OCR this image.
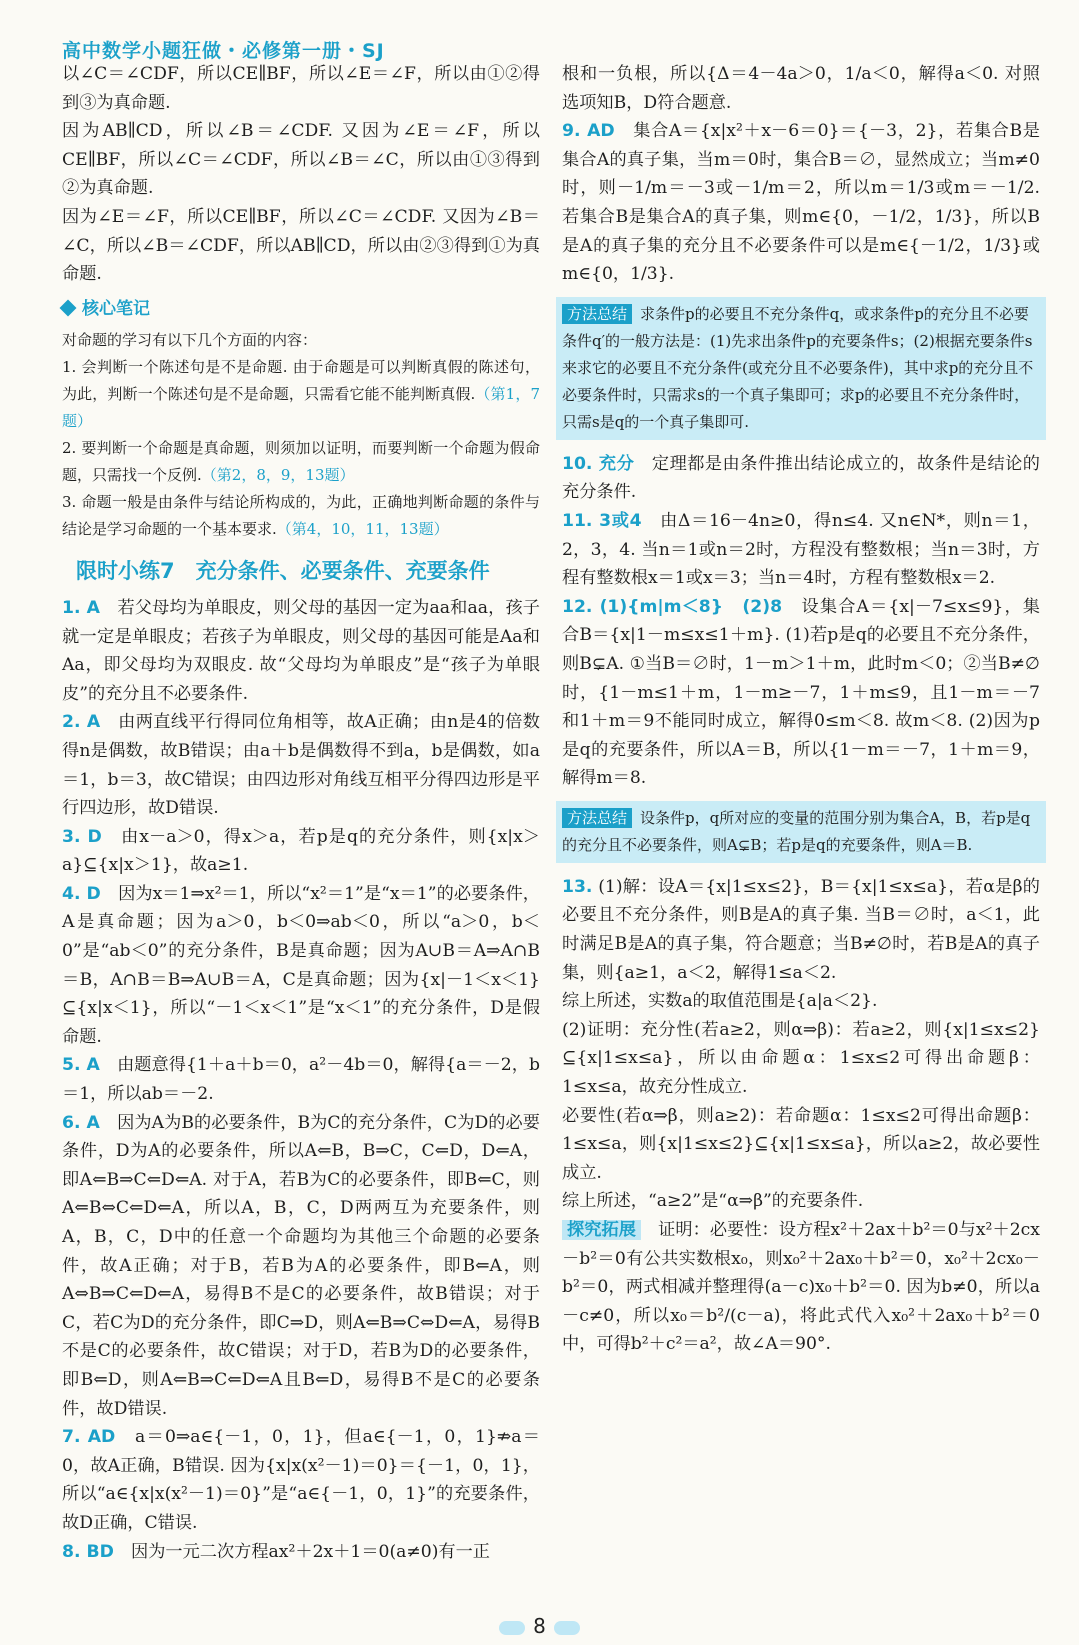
高中数学小题狂做・必修第一册・SJ

以∠C＝∠CDF，所以CE∥BF，所以∠E＝∠F，所以由①②得到③为真命题.

因为AB∥CD，所以∠B＝∠CDF. 又因为∠E＝∠F，所以CE∥BF，所以∠C＝∠CDF，所以∠B＝∠C，所以由①③得到②为真命题.

因为∠E＝∠F，所以CE∥BF，所以∠C＝∠CDF. 又因为∠B＝∠C，所以∠B＝∠CDF，所以AB∥CD，所以由②③得到①为真命题.

核心笔记

对命题的学习有以下几个方面的内容：

1. 会判断一个陈述句是不是命题. 由于命题是可以判断真假的陈述句，为此，判断一个陈述句是不是命题，只需看它能不能判断真假.（第1，7题）

2. 要判断一个命题是真命题，则须加以证明，而要判断一个命题为假命题，只需找一个反例.（第2，8，9，13题）

3. 命题一般是由条件与结论所构成的，为此，正确地判断命题的条件与结论是学习命题的一个基本要求.（第4，10，11，13题）

限时小练7　充分条件、必要条件、充要条件

1. A　 若父母均为单眼皮，则父母的基因一定为aa和aa，孩子就一定是单眼皮；若孩子为单眼皮，则父母的基因可能是Aa和Aa，即父母均为双眼皮. 故“父母均为单眼皮”是“孩子为单眼皮”的充分且不必要条件.

2. A　 由两直线平行得同位角相等，故A正确；由n是4的倍数得n是偶数，故B错误；由a＋b是偶数得不到a，b是偶数，如a＝1，b＝3，故C错误；由四边形对角线互相平分得四边形是平行四边形，故D错误.

3. D　 由x－a＞0，得x＞a，若p是q的充分条件，则{x|x＞a}⊆{x|x＞1}，故a≥1.

4. D　 因为x＝1⇒x²＝1，所以“x²＝1”是“x＝1”的必要条件，A是真命题；因为a＞0，b＜0⇒ab＜0，所以“a＞0，b＜0”是“ab＜0”的充分条件，B是真命题；因为A∪B＝A⇒A∩B＝B，A∩B＝B⇒A∪B＝A，C是真命题；因为{x|－1＜x＜1}⊆{x|x＜1}，所以“－1＜x＜1”是“x＜1”的充分条件，D是假命题.

5. A　 由题意得{1＋a＋b＝0，a²－4b＝0，解得{a＝－2，b＝1，所以ab＝－2.

6. A　 因为A为B的必要条件，B为C的充分条件，C为D的必要条件，D为A的必要条件，所以A⇐B，B⇒C，C⇐D，D⇐A，即A⇐B⇒C⇐D⇐A. 对于A，若B为C的必要条件，即B⇐C，则A⇐B⇔C⇐D⇐A，所以A，B，C，D两两互为充要条件，则A，B，C，D中的任意一个命题均为其他三个命题的必要条件，故A正确；对于B，若B为A的必要条件，即B⇐A，则A⇔B⇒C⇐D⇐A，易得B不是C的必要条件，故B错误；对于C，若C为D的充分条件，即C⇒D，则A⇐B⇒C⇔D⇐A，易得B不是C的必要条件，故C错误；对于D，若B为D的必要条件，即B⇐D，则A⇐B⇒C⇐D⇐A且B⇐D，易得B不是C的必要条件，故D错误.

7. AD　 a＝0⇒a∈{－1，0，1}，但a∈{－1，0，1}⇏a＝0，故A正确，B错误. 因为{x|x(x²－1)＝0}＝{－1，0，1}，所以“a∈{x|x(x²－1)＝0}”是“a∈{－1，0，1}”的充要条件，故D正确，C错误.

8. BD　 因为一元二次方程ax²＋2x＋1＝0(a≠0)有一正

根和一负根，所以{Δ＝4－4a＞0，1/a＜0，解得a＜0. 对照选项知B，D符合题意.

9. AD　 集合A＝{x|x²＋x－6＝0}＝{－3，2}，若集合B是集合A的真子集，当m＝0时，集合B＝∅，显然成立；当m≠0时，则－1/m＝－3或－1/m＝2，所以m＝1/3或m＝－1/2. 若集合B是集合A的真子集，则m∈{0，－1/2，1/3}，所以B是A的真子集的充分且不必要条件可以是m∈{－1/2，1/3}或m∈{0，1/3}.

方法总结 求条件p的必要且不充分条件q，或求条件p的充分且不必要条件q′的一般方法是：(1)先求出条件p的充要条件s；(2)根据充要条件s来求它的必要且不充分条件(或充分且不必要条件)，其中求p的充分且不必要条件时，只需求s的一个真子集即可；求p的必要且不充分条件时，只需s是q的一个真子集即可.

10. 充分　 定理都是由条件推出结论成立的，故条件是结论的充分条件.

11. 3或4　 由Δ＝16－4n≥0，得n≤4. 又n∈N*，则n＝1，2，3，4. 当n＝1或n＝2时，方程没有整数根；当n＝3时，方程有整数根x＝1或x＝3；当n＝4时，方程有整数根x＝2.

12. (1){m|m＜8}　(2)8　 设集合A＝{x|－7≤x≤9}，集合B＝{x|1－m≤x≤1＋m}. (1)若p是q的必要且不充分条件，则B⊊A. ①当B＝∅时，1－m＞1＋m，此时m＜0；②当B≠∅时，{1－m≤1＋m，1－m≥－7，1＋m≤9，且1－m＝－7和1＋m＝9不能同时成立，解得0≤m＜8. 故m＜8. (2)因为p是q的充要条件，所以A＝B，所以{1－m＝－7，1＋m＝9，解得m＝8.

方法总结 设条件p，q所对应的变量的范围分别为集合A，B，若p是q的充分且不必要条件，则A⊊B；若p是q的充要条件，则A＝B.

13. (1)解：设A＝{x|1≤x≤2}，B＝{x|1≤x≤a}，若α是β的必要且不充分条件，则B是A的真子集. 当B＝∅时，a＜1，此时满足B是A的真子集，符合题意；当B≠∅时，若B是A的真子集，则{a≥1，a＜2，解得1≤a＜2.

综上所述，实数a的取值范围是{a|a＜2}.

(2)证明：充分性(若a≥2，则α⇒β)：若a≥2，则{x|1≤x≤2}⊆{x|1≤x≤a}，所以由命题α：1≤x≤2可得出命题β：1≤x≤a，故充分性成立.

必要性(若α⇒β，则a≥2)：若命题α：1≤x≤2可得出命题β：1≤x≤a，则{x|1≤x≤2}⊆{x|1≤x≤a}，所以a≥2，故必要性成立.

综上所述，“a≥2”是“α⇒β”的充要条件.

探究拓展　 证明：必要性：设方程x²＋2ax＋b²＝0与x²＋2cx－b²＝0有公共实数根x₀，则x₀²＋2ax₀＋b²＝0，x₀²＋2cx₀－b²＝0，两式相减并整理得(a－c)x₀＋b²＝0. 因为b≠0，所以a－c≠0，所以x₀＝b²/(c－a)，将此式代入x₀²＋2ax₀＋b²＝0中，可得b²＋c²＝a²，故∠A＝90°.

8
